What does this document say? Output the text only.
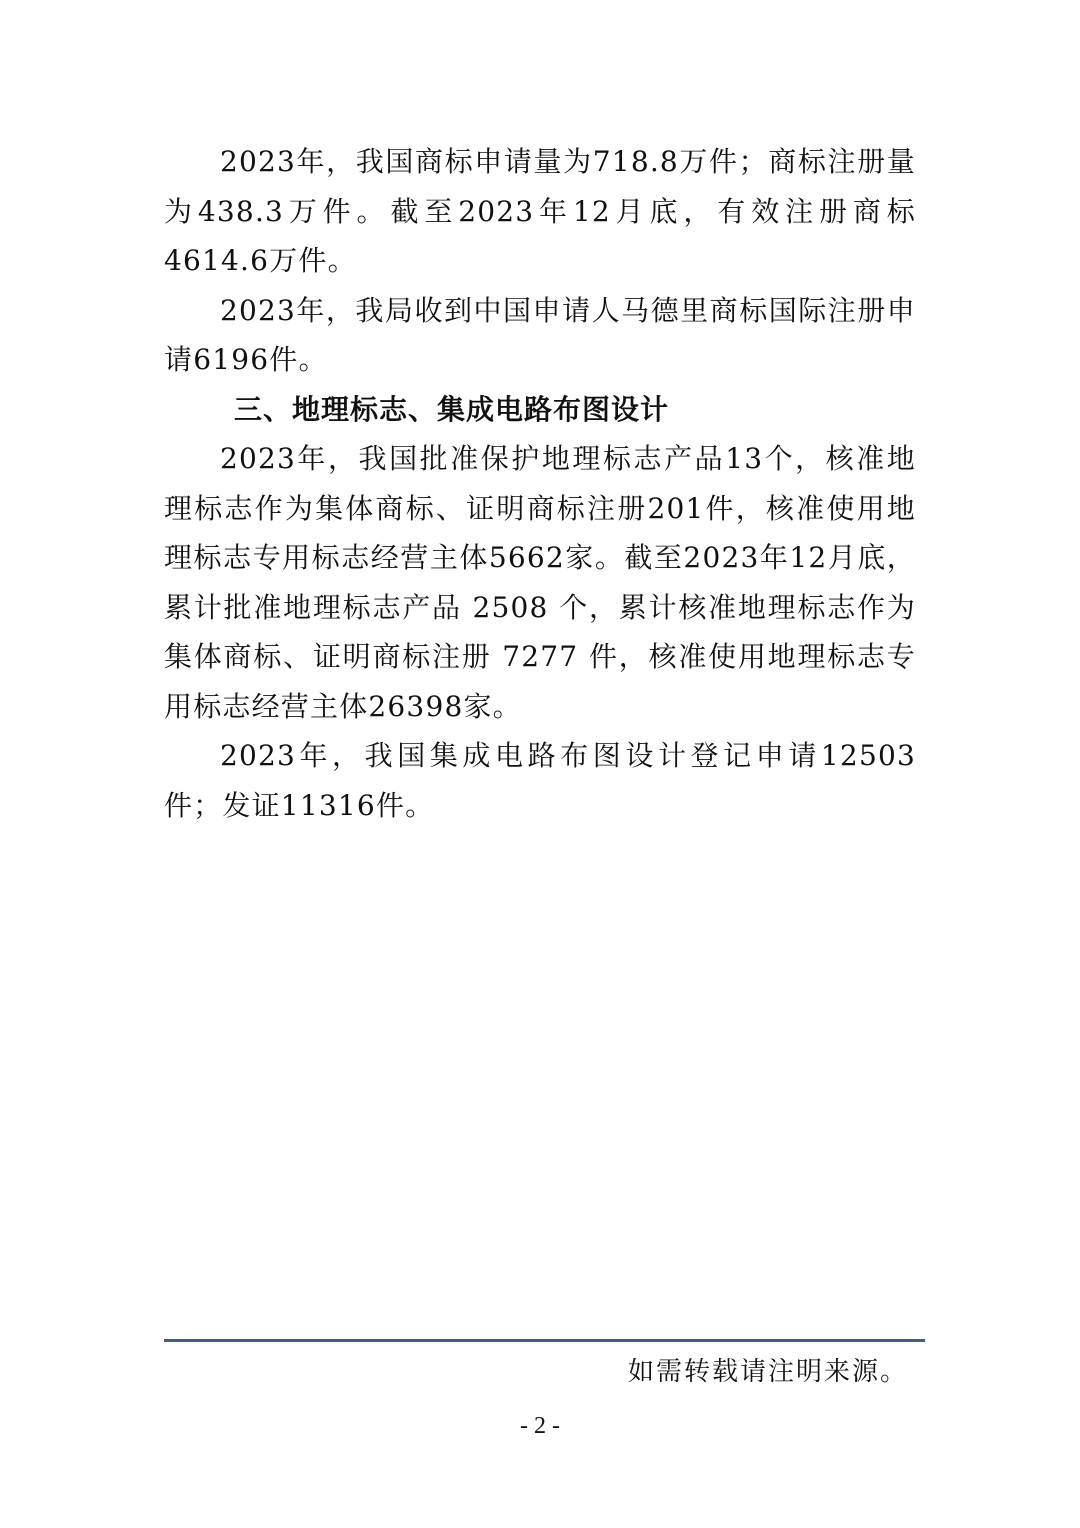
2023年，我国商标申请量为718.8万件；商标注册量为438.3万件。截至2023年12月底，有效注册商标4614.6万件。

2023年，我局收到中国申请人马德里商标国际注册申请6196件。

三、地理标志、集成电路布图设计

2023年，我国批准保护地理标志产品13个，核准地理标志作为集体商标、证明商标注册201件，核准使用地理标志专用标志经营主体5662家。截至2023年12月底，累计批准地理标志产品 2508 个，累计核准地理标志作为集体商标、证明商标注册 7277 件，核准使用地理标志专用标志经营主体26398家。

2023年，我国集成电路布图设计登记申请12503件；发证11316件。

如需转载请注明来源。
- 2 -
